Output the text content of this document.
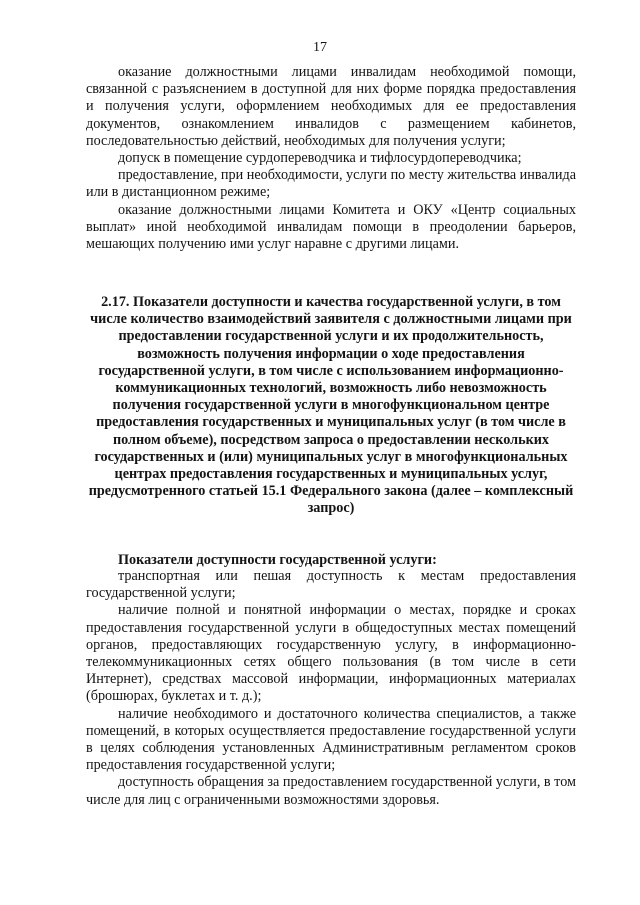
17

оказание должностными лицами инвалидам необходимой помощи, связанной с разъяснением в доступной для них форме порядка предоставления и получения услуги, оформлением необходимых для ее предоставления документов, ознакомлением инвалидов с размещением кабинетов, последовательностью действий, необходимых для получения услуги;

допуск в помещение сурдопереводчика и тифлосурдопереводчика;

предоставление, при необходимости, услуги по месту жительства инвалида или в дистанционном режиме;

оказание должностными лицами Комитета и ОКУ «Центр социальных выплат» иной необходимой инвалидам помощи в преодолении барьеров, мешающих получению ими услуг наравне с другими лицами.

2.17. Показатели доступности и качества государственной услуги, в том числе количество взаимодействий заявителя с должностными лицами при предоставлении государственной услуги и их продолжительность, возможность получения информации о ходе предоставления государственной услуги, в том числе с использованием информационно-коммуникационных технологий, возможность либо невозможность получения государственной услуги в многофункциональном центре предоставления государственных и муниципальных услуг (в том числе в полном объеме), посредством запроса о предоставлении нескольких государственных и (или) муниципальных услуг в многофункциональных центрах предоставления государственных и муниципальных услуг, предусмотренного статьей 15.1 Федерального закона (далее – комплексный запрос)
Показатели доступности государственной услуги:

транспортная или пешая доступность к местам предоставления государственной услуги;

наличие полной и понятной информации о местах, порядке и сроках предоставления государственной услуги в общедоступных местах помещений органов, предоставляющих государственную услугу, в информационно-телекоммуникационных сетях общего пользования (в том числе в сети Интернет), средствах массовой информации, информационных материалах (брошюрах, буклетах и т. д.);

наличие необходимого и достаточного количества специалистов, а также помещений, в которых осуществляется предоставление государственной услуги в целях соблюдения установленных Административным регламентом сроков предоставления государственной услуги;

доступность обращения за предоставлением государственной услуги, в том числе для лиц с ограниченными возможностями здоровья.
